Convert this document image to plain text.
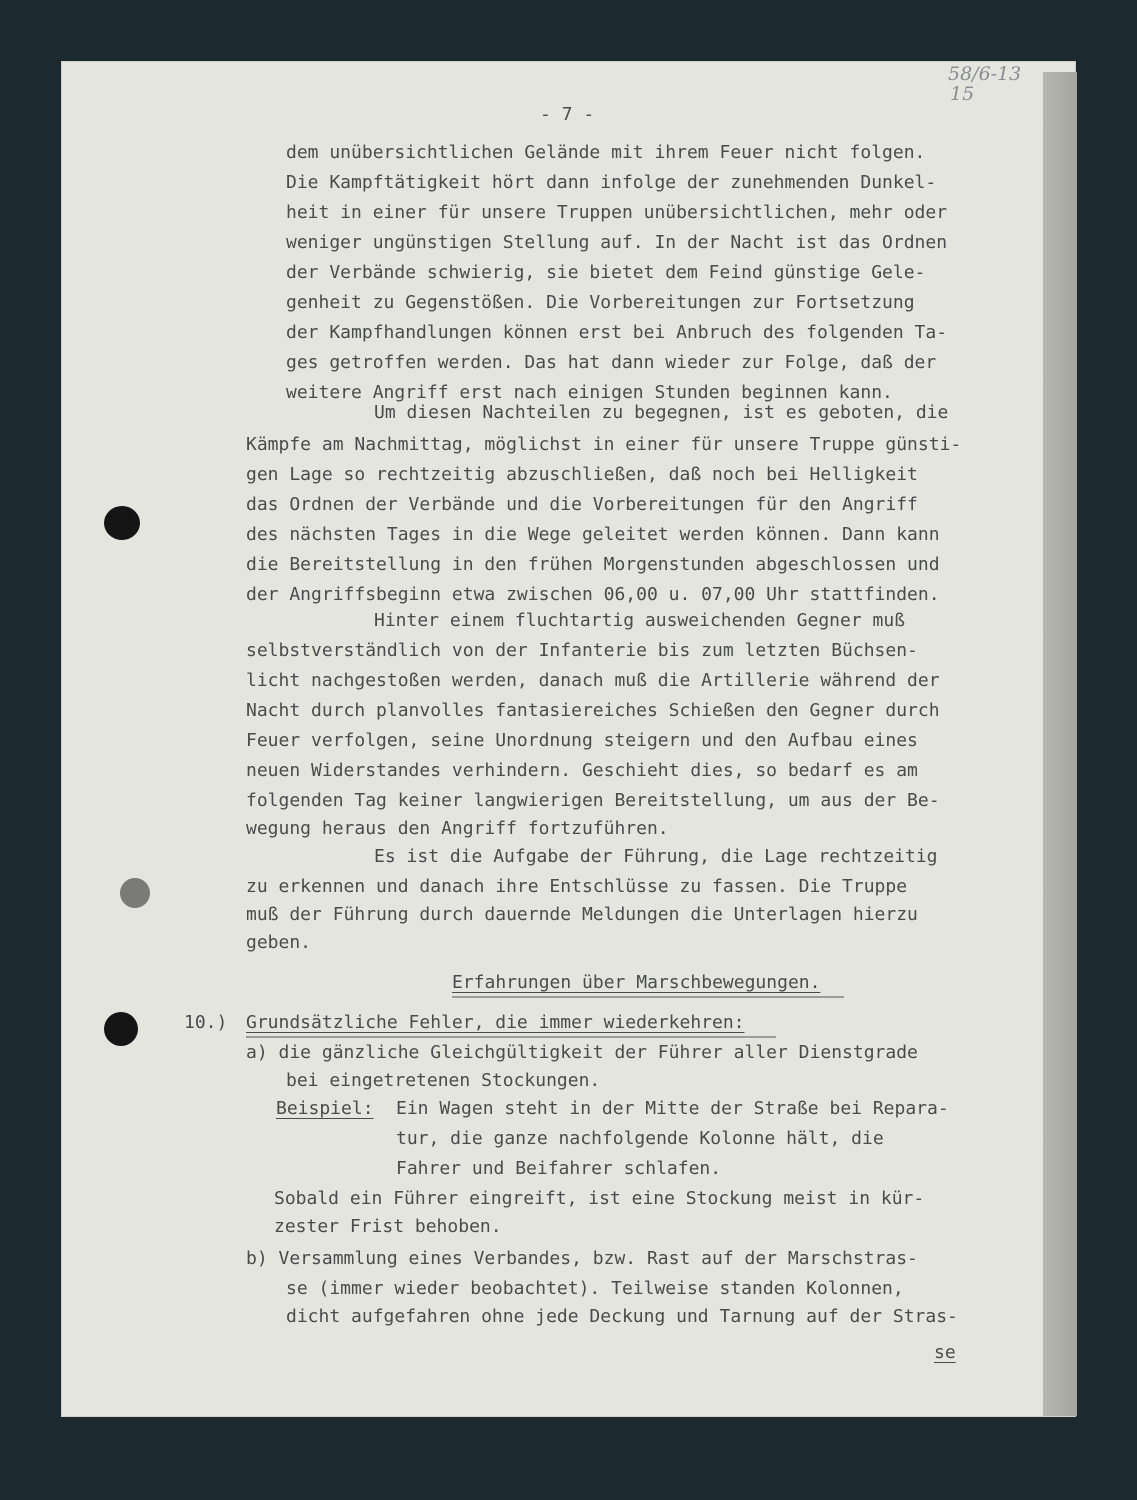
58/6-13
15
- 7 -
dem unübersichtlichen Gelände mit ihrem Feuer nicht folgen.
Die Kampftätigkeit hört dann infolge der zunehmenden Dunkel-
heit in einer für unsere Truppen unübersichtlichen, mehr oder
weniger ungünstigen Stellung auf. In der Nacht ist das Ordnen
der Verbände schwierig, sie bietet dem Feind günstige Gele-
genheit zu Gegenstößen. Die Vorbereitungen zur Fortsetzung
der Kampfhandlungen können erst bei Anbruch des folgenden Ta-
ges getroffen werden. Das hat dann wieder zur Folge, daß der
weitere Angriff erst nach einigen Stunden beginnen kann.
Um diesen Nachteilen zu begegnen, ist es geboten, die
Kämpfe am Nachmittag, möglichst in einer für unsere Truppe günsti-
gen Lage so rechtzeitig abzuschließen, daß noch bei Helligkeit
das Ordnen der Verbände und die Vorbereitungen für den Angriff
des nächsten Tages in die Wege geleitet werden können. Dann kann
die Bereitstellung in den frühen Morgenstunden abgeschlossen und
der Angriffsbeginn etwa zwischen 06,00 u. 07,00 Uhr stattfinden.
Hinter einem fluchtartig ausweichenden Gegner muß
selbstverständlich von der Infanterie bis zum letzten Büchsen-
licht nachgestoßen werden, danach muß die Artillerie während der
Nacht durch planvolles fantasiereiches Schießen den Gegner durch
Feuer verfolgen, seine Unordnung steigern und den Aufbau eines
neuen Widerstandes verhindern. Geschieht dies, so bedarf es am
folgenden Tag keiner langwierigen Bereitstellung, um aus der Be-
wegung heraus den Angriff fortzuführen.
Es ist die Aufgabe der Führung, die Lage rechtzeitig
zu erkennen und danach ihre Entschlüsse zu fassen. Die Truppe
muß der Führung durch dauernde Meldungen die Unterlagen hierzu
geben.
Erfahrungen über Marschbewegungen.
10.) Grundsätzliche Fehler, die immer wiederkehren:
a) die gänzliche Gleichgültigkeit der Führer aller Dienstgrade
bei eingetretenen Stockungen.
Beispiel: Ein Wagen steht in der Mitte der Straße bei Repara-
tur, die ganze nachfolgende Kolonne hält, die
Fahrer und Beifahrer schlafen.
Sobald ein Führer eingreift, ist eine Stockung meist in kür-
zester Frist behoben.
b) Versammlung eines Verbandes, bzw. Rast auf der Marschstras-
se (immer wieder beobachtet). Teilweise standen Kolonnen,
dicht aufgefahren ohne jede Deckung und Tarnung auf der Stras-
se
